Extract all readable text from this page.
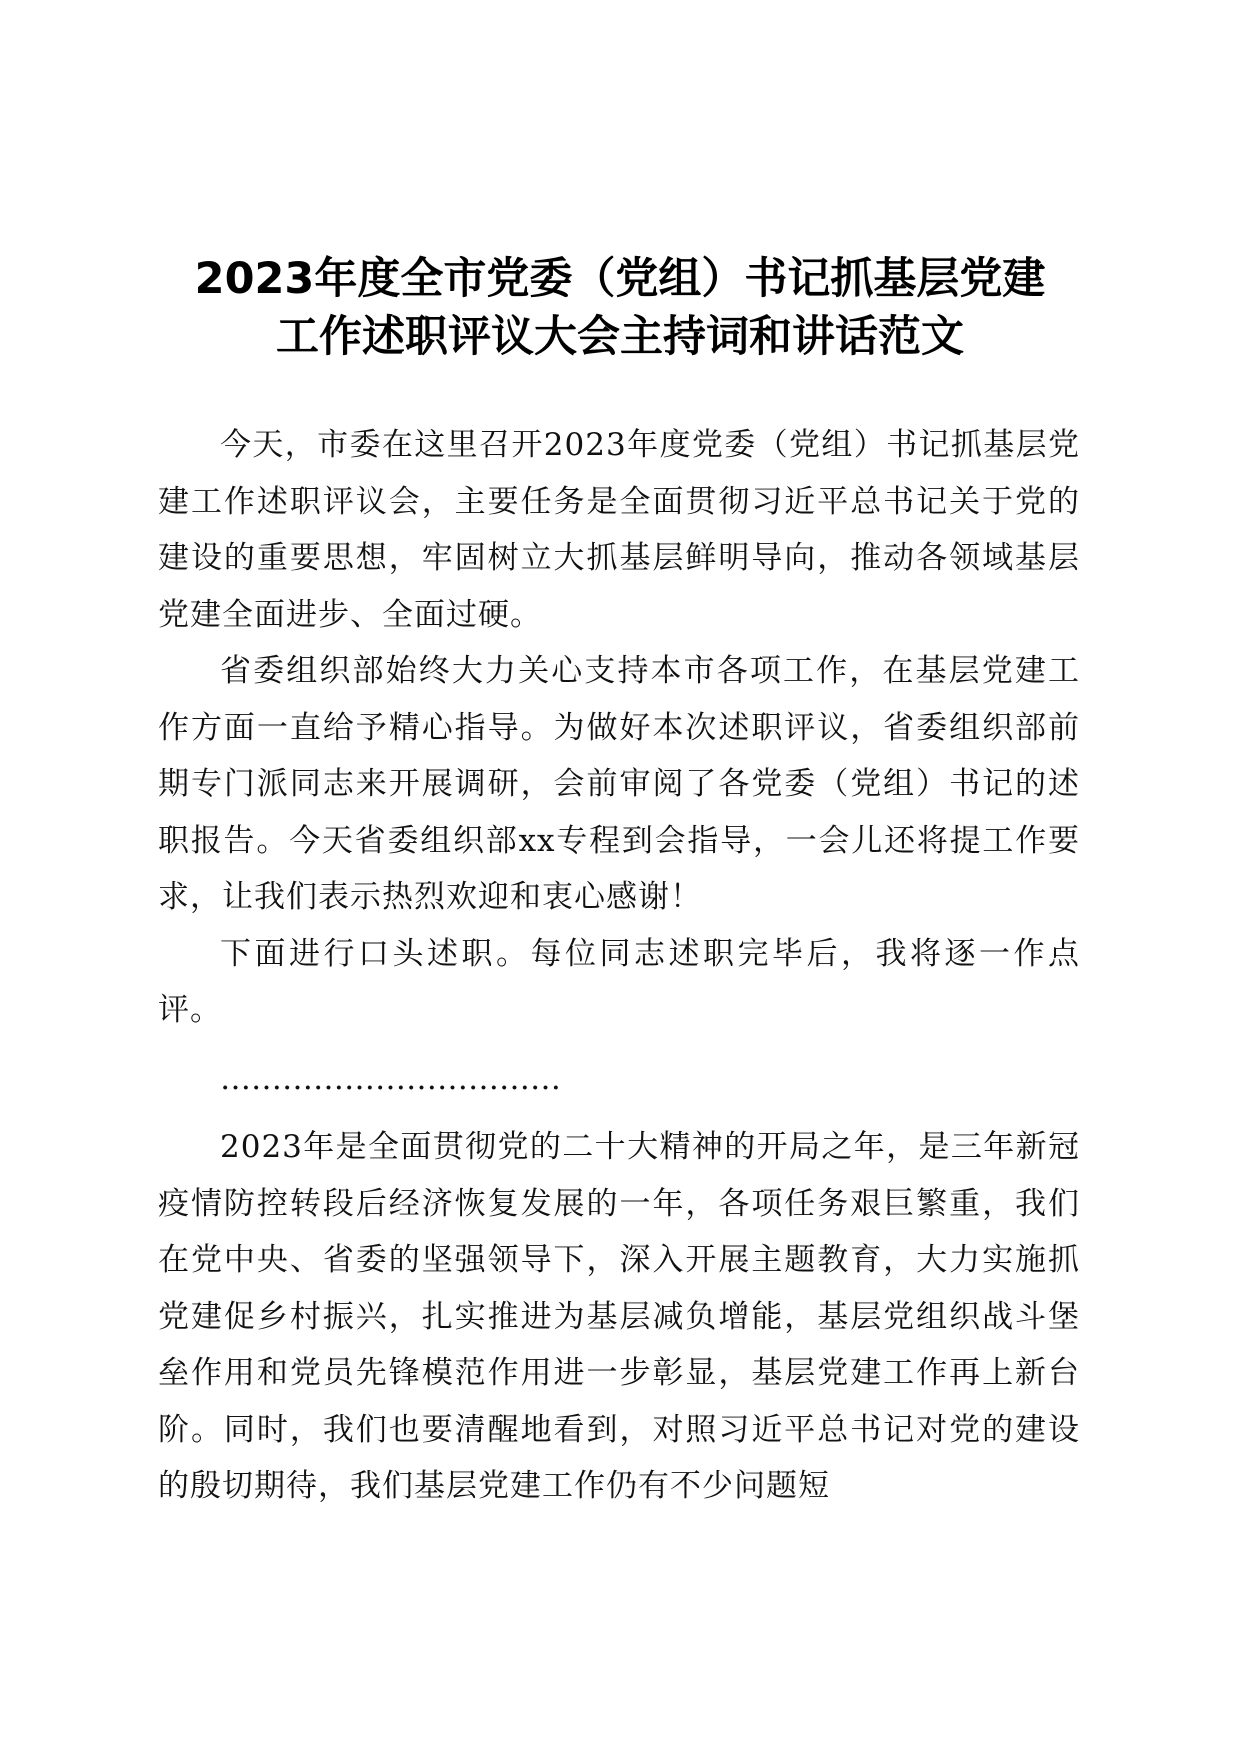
2023年度全市党委（党组）书记抓基层党建
工作述职评议大会主持词和讲话范文

今天，市委在这里召开2023年度党委（党组）书记抓基层党建工作述职评议会，主要任务是全面贯彻习近平总书记关于党的建设的重要思想，牢固树立大抓基层鲜明导向，推动各领域基层党建全面进步、全面过硬。

省委组织部始终大力关心支持本市各项工作，在基层党建工作方面一直给予精心指导。为做好本次述职评议，省委组织部前期专门派同志来开展调研，会前审阅了各党委（党组）书记的述职报告。今天省委组织部xx专程到会指导，一会儿还将提工作要求，让我们表示热烈欢迎和衷心感谢！

下面进行口头述职。每位同志述职完毕后，我将逐一作点评。

……………………………

2023年是全面贯彻党的二十大精神的开局之年，是三年新冠疫情防控转段后经济恢复发展的一年，各项任务艰巨繁重，我们在党中央、省委的坚强领导下，深入开展主题教育，大力实施抓党建促乡村振兴，扎实推进为基层减负增能，基层党组织战斗堡垒作用和党员先锋模范作用进一步彰显，基层党建工作再上新台阶。同时，我们也要清醒地看到，对照习近平总书记对党的建设的殷切期待，我们基层党建工作仍有不少问题短
